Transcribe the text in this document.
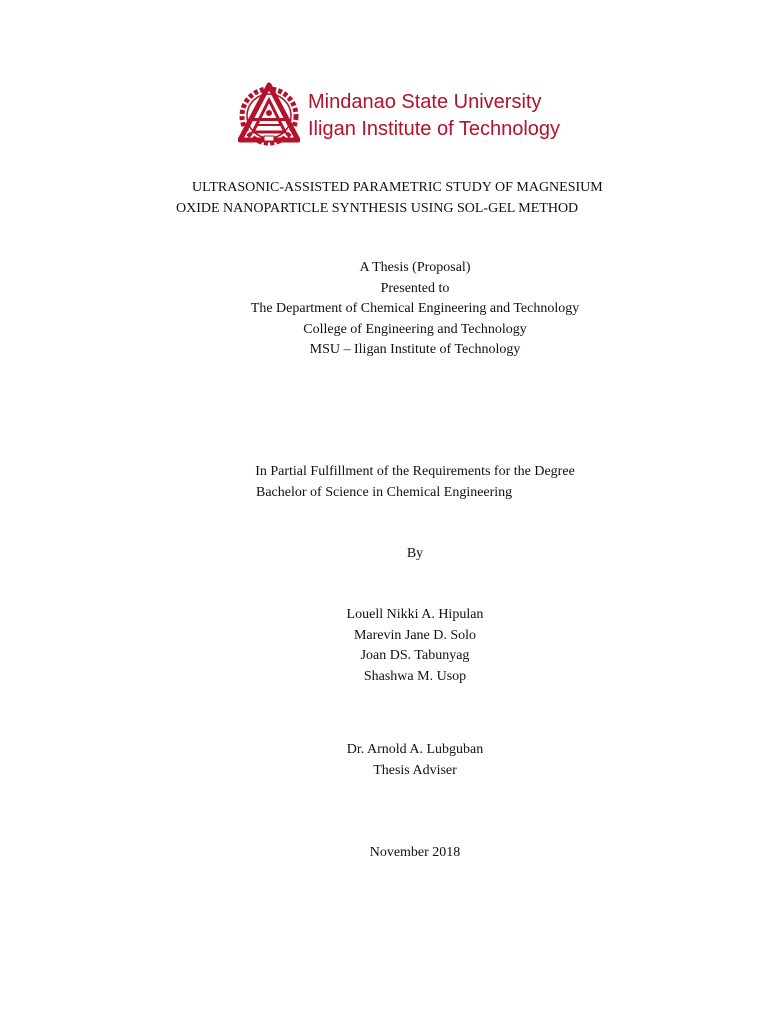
Mindanao State University
Iligan Institute of Technology
ULTRASONIC-ASSISTED PARAMETRIC STUDY OF MAGNESIUM
OXIDE NANOPARTICLE SYNTHESIS USING SOL-GEL METHOD
A Thesis (Proposal)
Presented to
The Department of Chemical Engineering and Technology
College of Engineering and Technology
MSU – Iligan Institute of Technology
In Partial Fulfillment of the Requirements for the Degree
Bachelor of Science in Chemical Engineering
By
Louell Nikki A. Hipulan
Marevin Jane D. Solo
Joan DS. Tabunyag
Shashwa M. Usop
Dr. Arnold A. Lubguban
Thesis Adviser
November 2018
